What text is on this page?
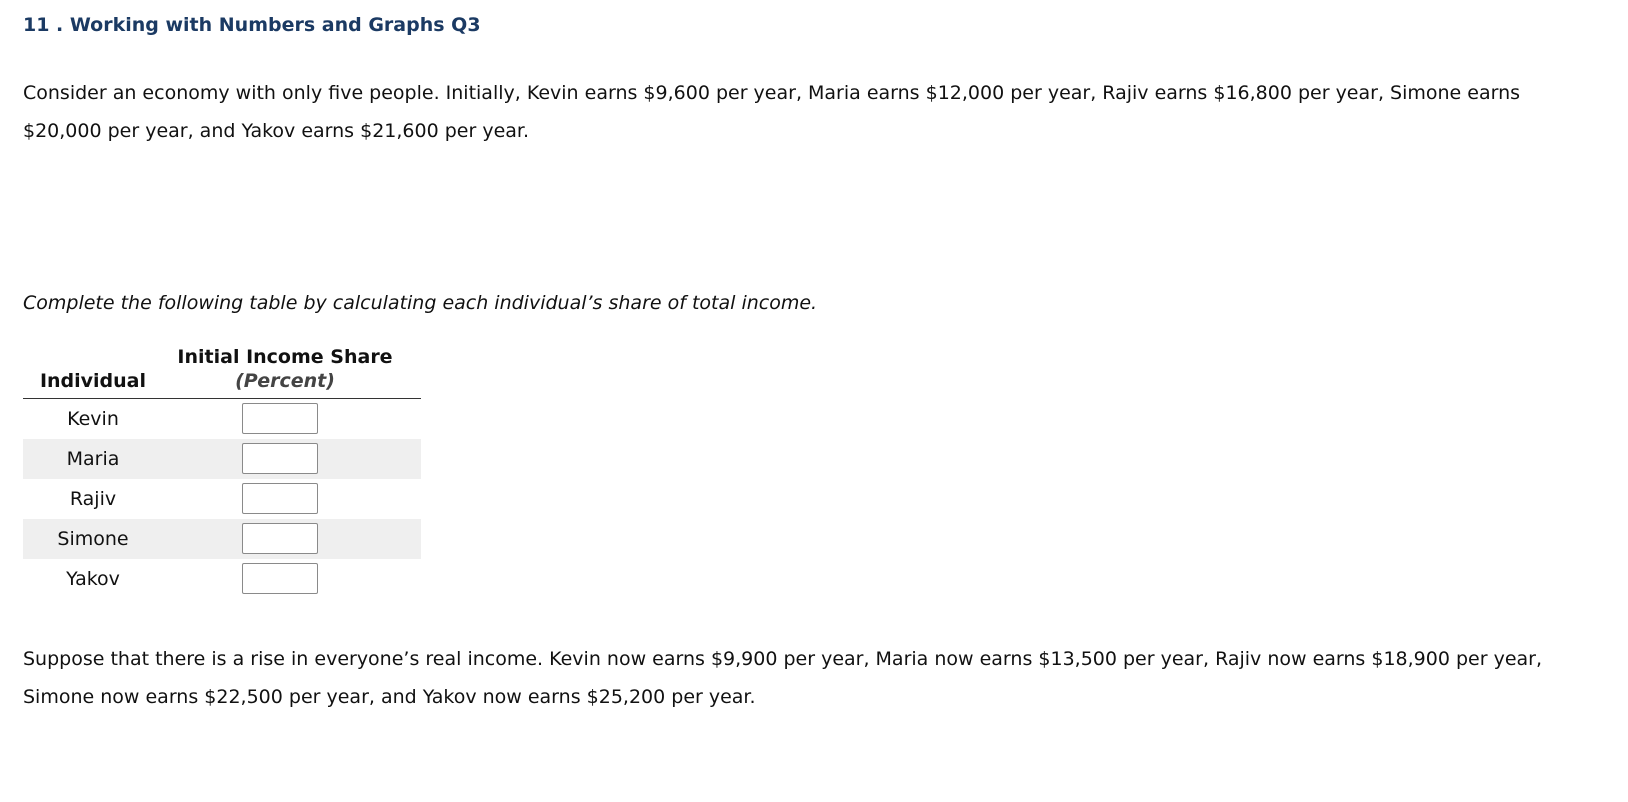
11 . Working with Numbers and Graphs Q3

Consider an economy with only five people. Initially, Kevin earns $9,600 per year, Maria earns $12,000 per year, Rajiv earns $16,800 per year, Simone earns $20,000 per year, and Yakov earns $21,600 per year.

Complete the following table by calculating each individual’s share of total income.
Initial Income Share
Individual	(Percent)
Kevin
Maria
Rajiv
Simone
Yakov

Suppose that there is a rise in everyone’s real income. Kevin now earns $9,900 per year, Maria now earns $13,500 per year, Rajiv now earns $18,900 per year, Simone now earns $22,500 per year, and Yakov now earns $25,200 per year.
